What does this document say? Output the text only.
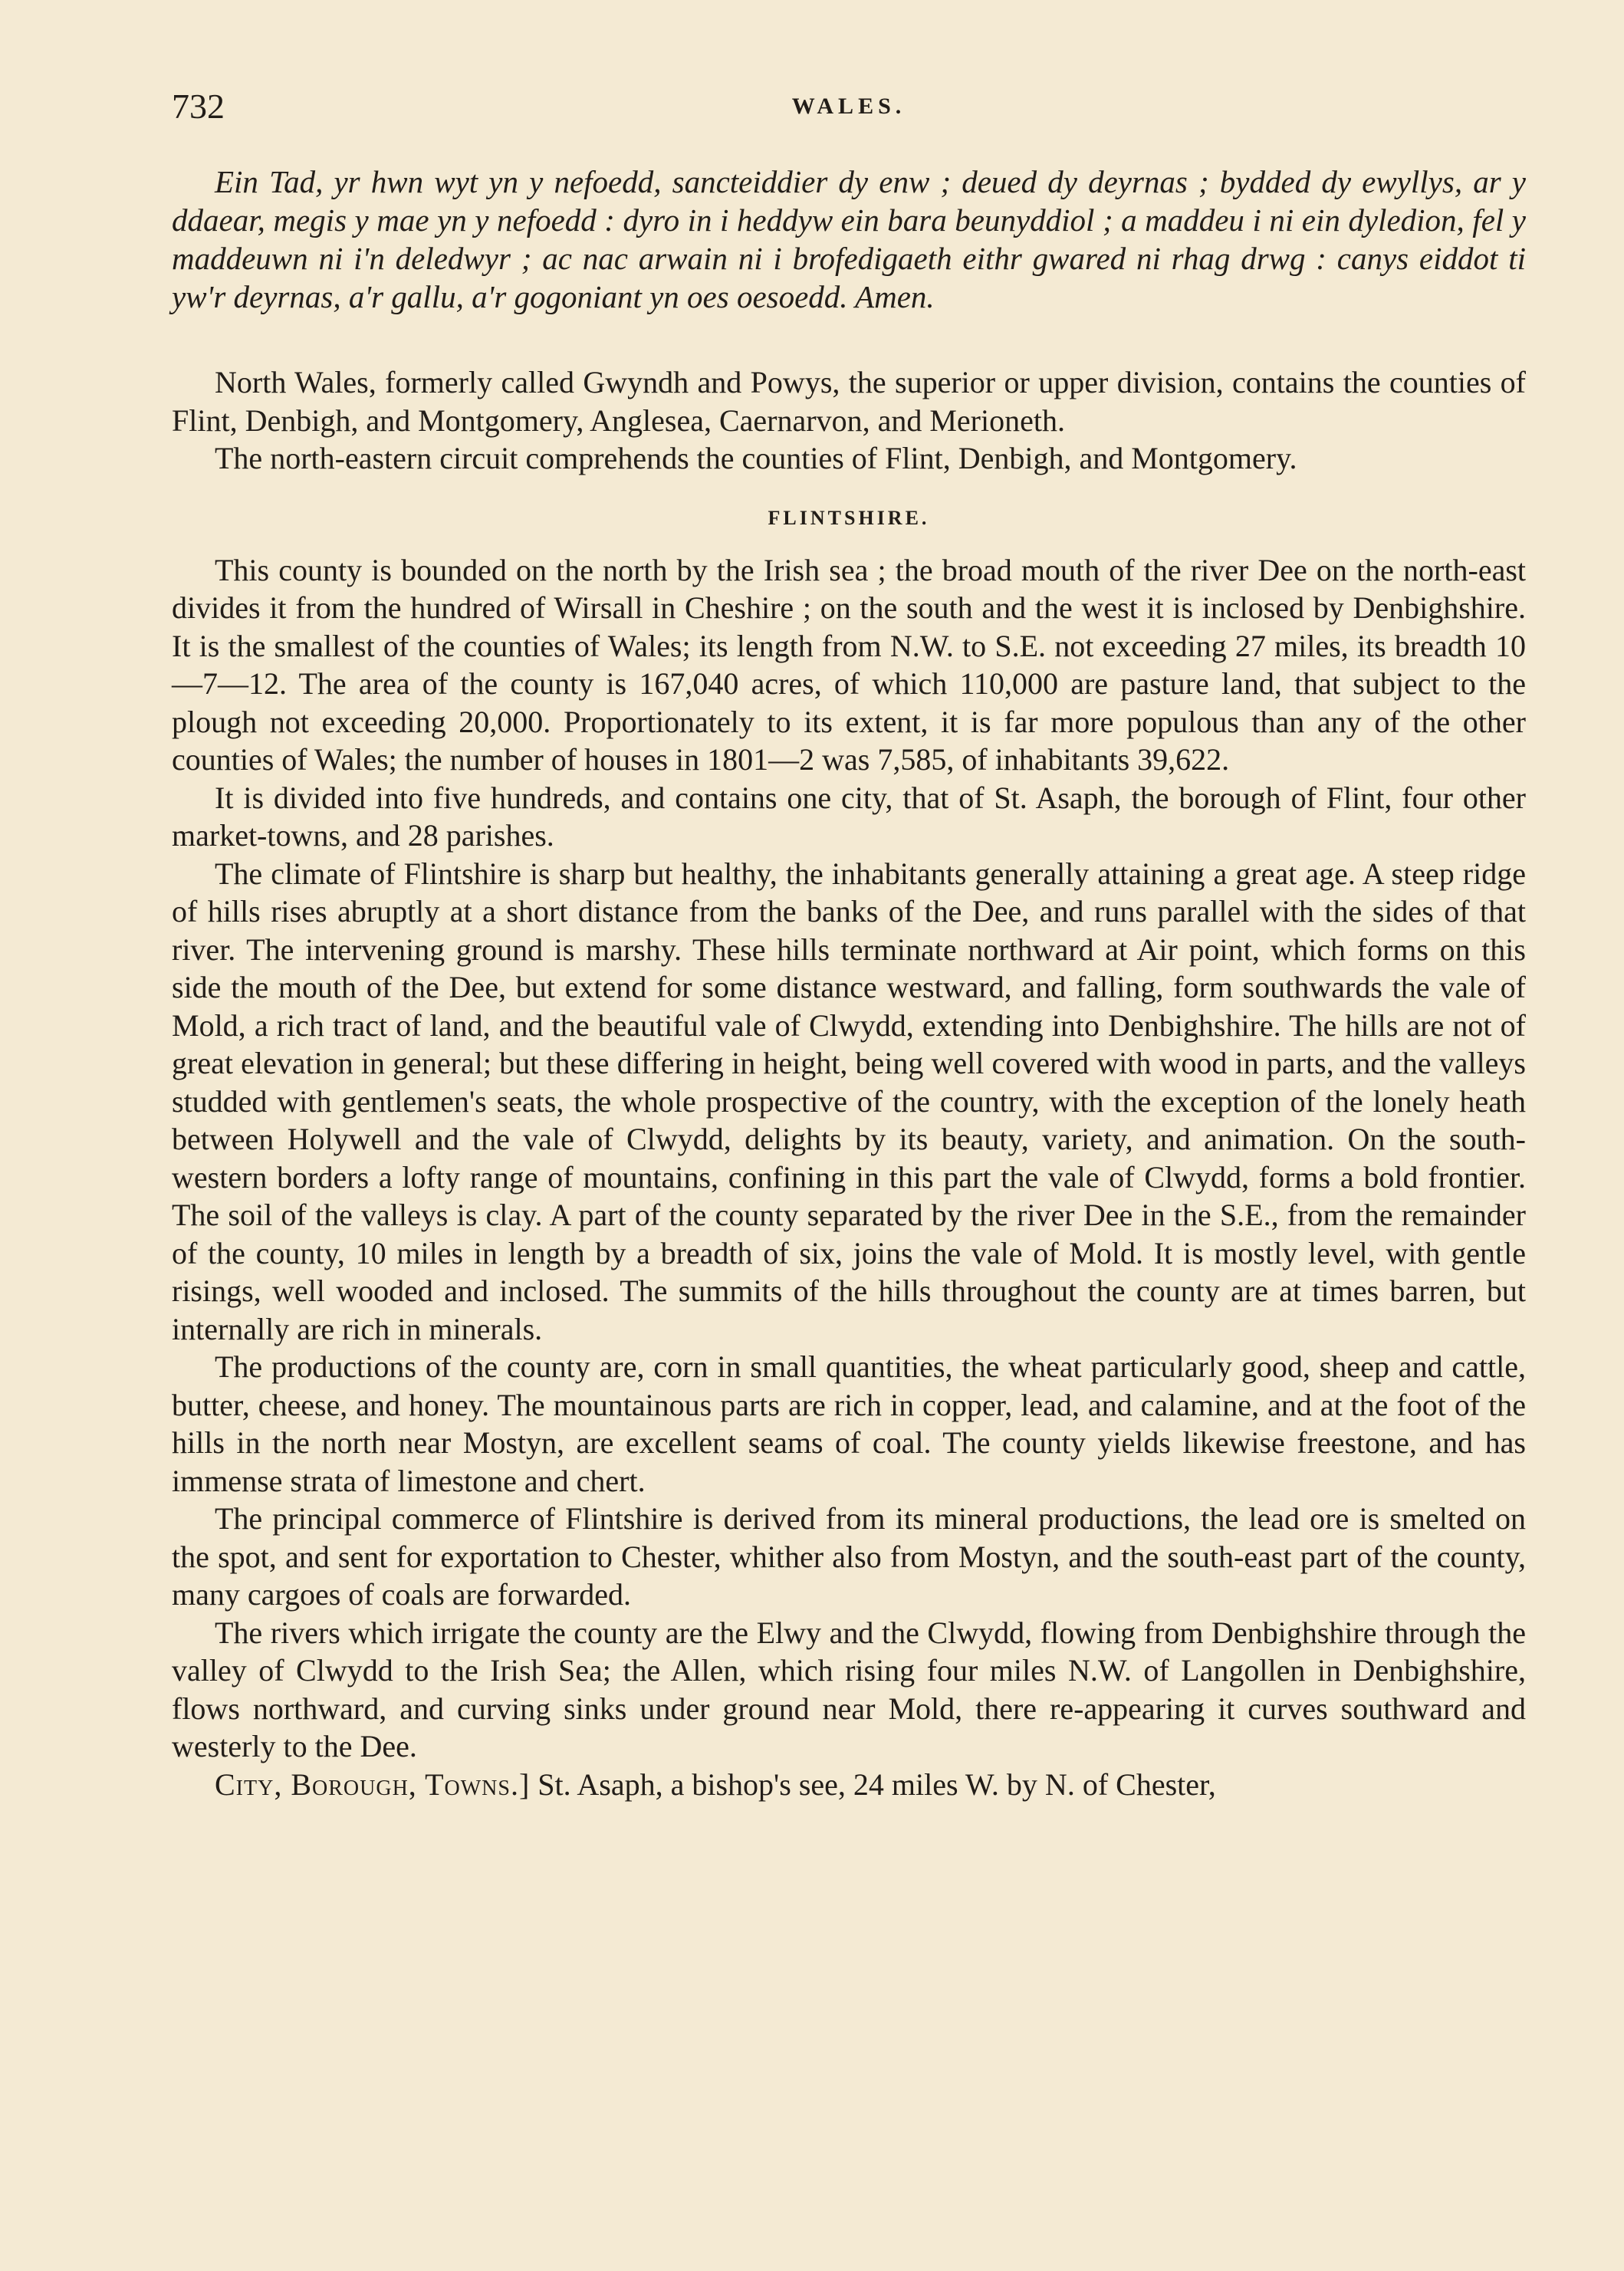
732	WALES.

Ein Tad, yr hwn wyt yn y nefoedd, sancteiddier dy enw ; deued dy deyrnas ; bydded dy ewyllys, ar y ddaear, megis y mae yn y nefoedd : dyro in i heddyw ein bara beunyddiol ; a maddeu i ni ein dyledion, fel y maddeuwn ni i'n deledwyr ; ac nac arwain ni i brofedigaeth eithr gwared ni rhag drwg : canys eiddot ti yw'r deyrnas, a'r gallu, a'r gogoniant yn oes oesoedd. Amen.

North Wales, formerly called Gwyndh and Powys, the superior or upper division, contains the counties of Flint, Denbigh, and Montgomery, Anglesea, Caernarvon, and Merioneth.

The north-eastern circuit comprehends the counties of Flint, Denbigh, and Montgomery.

FLINTSHIRE.

This county is bounded on the north by the Irish sea ; the broad mouth of the river Dee on the north-east divides it from the hundred of Wirsall in Cheshire ; on the south and the west it is inclosed by Denbighshire. It is the smallest of the counties of Wales; its length from N.W. to S.E. not exceeding 27 miles, its breadth 10—7—12. The area of the county is 167,040 acres, of which 110,000 are pasture land, that subject to the plough not exceeding 20,000. Proportionately to its extent, it is far more populous than any of the other counties of Wales; the number of houses in 1801—2 was 7,585, of inhabitants 39,622.

It is divided into five hundreds, and contains one city, that of St. Asaph, the borough of Flint, four other market-towns, and 28 parishes.

The climate of Flintshire is sharp but healthy, the inhabitants generally attaining a great age. A steep ridge of hills rises abruptly at a short distance from the banks of the Dee, and runs parallel with the sides of that river. The intervening ground is marshy. These hills terminate northward at Air point, which forms on this side the mouth of the Dee, but extend for some distance westward, and falling, form southwards the vale of Mold, a rich tract of land, and the beautiful vale of Clwydd, extending into Denbighshire. The hills are not of great elevation in general; but these differing in height, being well covered with wood in parts, and the valleys studded with gentlemen's seats, the whole prospective of the country, with the exception of the lonely heath between Holywell and the vale of Clwydd, delights by its beauty, variety, and animation. On the south-western borders a lofty range of mountains, confining in this part the vale of Clwydd, forms a bold frontier. The soil of the valleys is clay. A part of the county separated by the river Dee in the S.E., from the remainder of the county, 10 miles in length by a breadth of six, joins the vale of Mold. It is mostly level, with gentle risings, well wooded and inclosed. The summits of the hills throughout the county are at times barren, but internally are rich in minerals.

The productions of the county are, corn in small quantities, the wheat particularly good, sheep and cattle, butter, cheese, and honey. The mountainous parts are rich in copper, lead, and calamine, and at the foot of the hills in the north near Mostyn, are excellent seams of coal. The county yields likewise freestone, and has immense strata of limestone and chert.

The principal commerce of Flintshire is derived from its mineral productions, the lead ore is smelted on the spot, and sent for exportation to Chester, whither also from Mostyn, and the south-east part of the county, many cargoes of coals are forwarded.

The rivers which irrigate the county are the Elwy and the Clwydd, flowing from Denbighshire through the valley of Clwydd to the Irish Sea; the Allen, which rising four miles N.W. of Langollen in Denbighshire, flows northward, and curving sinks under ground near Mold, there re-appearing it curves southward and westerly to the Dee.

City, Borough, Towns.] St. Asaph, a bishop's see, 24 miles W. by N. of Chester,
